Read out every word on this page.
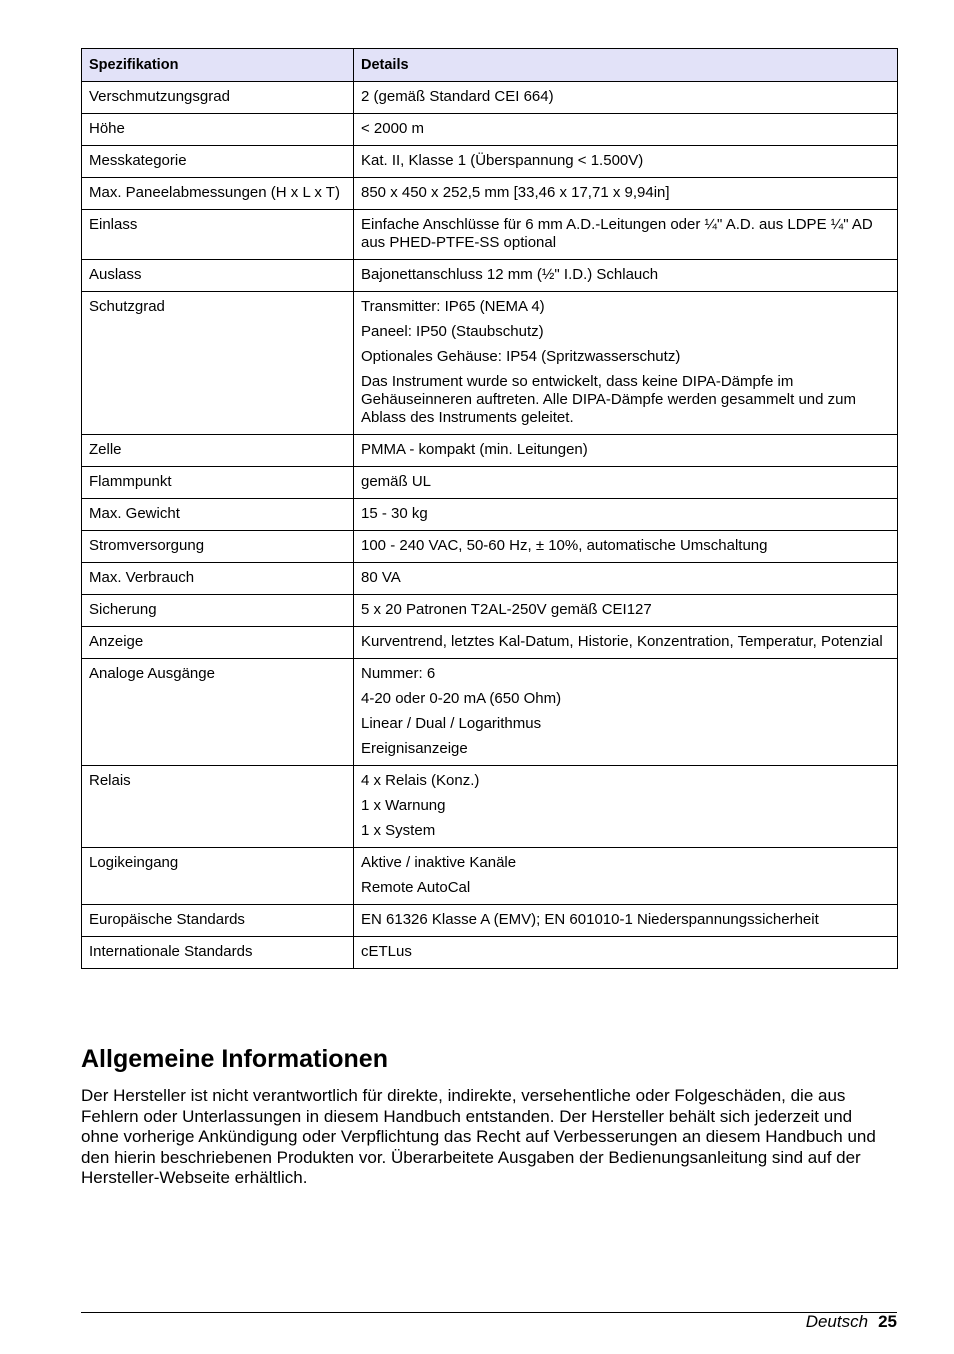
Spezifikation	Details
Verschmutzungsgrad	2 (gemäß Standard CEI 664)

Höhe	< 2000 m

Messkategorie	Kat. II, Klasse 1 (Überspannung < 1.500V)

Max. Paneelabmessungen (H x L x T)	850 x 450 x 252,5 mm [33,46 x 17,71 x 9,94in]

Einlass	Einfache Anschlüsse für 6 mm A.D.-Leitungen oder ¼" A.D. aus LDPE ¼" AD aus PHED-PTFE-SS optional

Auslass	Bajonettanschluss 12 mm (½" I.D.) Schlauch

Schutzgrad	Transmitter: IP65 (NEMA 4)

Paneel: IP50 (Staubschutz)

Optionales Gehäuse: IP54 (Spritzwasserschutz)

Das Instrument wurde so entwickelt, dass keine DIPA-Dämpfe im Gehäuseinneren auftreten. Alle DIPA-Dämpfe werden gesammelt und zum Ablass des Instruments geleitet.

Zelle	PMMA - kompakt (min. Leitungen)

Flammpunkt	gemäß UL

Max. Gewicht	15 - 30 kg

Stromversorgung	100 - 240 VAC, 50-60 Hz, ± 10%, automatische Umschaltung

Max. Verbrauch	80 VA

Sicherung	5 x 20 Patronen T2AL-250V gemäß CEI127

Anzeige	Kurventrend, letztes Kal-Datum, Historie, Konzentration, Temperatur, Potenzial

Analoge Ausgänge	Nummer: 6

4-20 oder 0-20 mA (650 Ohm)

Linear / Dual / Logarithmus

Ereignisanzeige

Relais	4 x Relais (Konz.)

1 x Warnung

1 x System

Logikeingang	Aktive / inaktive Kanäle

Remote AutoCal

Europäische Standards	EN 61326 Klasse A (EMV); EN 601010-1 Niederspannungssicherheit

Internationale Standards	cETLus

Allgemeine Informationen

Der Hersteller ist nicht verantwortlich für direkte, indirekte, versehentliche oder Folgeschäden, die aus Fehlern oder Unterlassungen in diesem Handbuch entstanden. Der Hersteller behält sich jederzeit und ohne vorherige Ankündigung oder Verpflichtung das Recht auf Verbesserungen an diesem Handbuch und den hierin beschriebenen Produkten vor. Überarbeitete Ausgaben der Bedienungsanleitung sind auf der Hersteller-Webseite erhältlich.

Deutsch 25
